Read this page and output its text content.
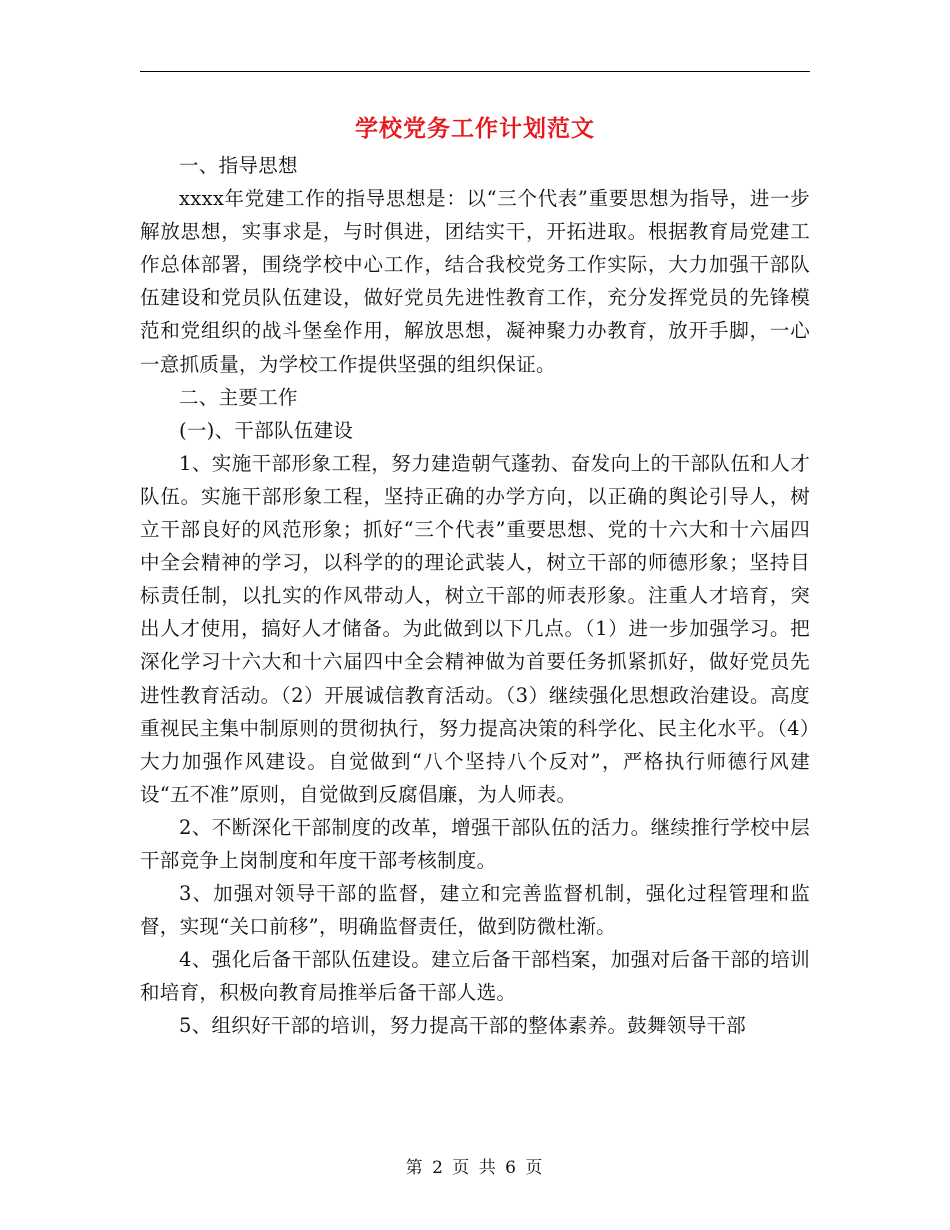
学校党务工作计划范文

一、指导思想

xxxx年党建工作的指导思想是：以“三个代表”重要思想为指导，进一步解放思想，实事求是，与时俱进，团结实干，开拓进取。根据教育局党建工作总体部署，围绕学校中心工作，结合我校党务工作实际，大力加强干部队伍建设和党员队伍建设，做好党员先进性教育工作，充分发挥党员的先锋模范和党组织的战斗堡垒作用，解放思想，凝神聚力办教育，放开手脚，一心一意抓质量，为学校工作提供坚强的组织保证。

二、主要工作

(一)、干部队伍建设

1、实施干部形象工程，努力建造朝气蓬勃、奋发向上的干部队伍和人才队伍。实施干部形象工程，坚持正确的办学方向，以正确的舆论引导人，树立干部良好的风范形象；抓好“三个代表”重要思想、党的十六大和十六届四中全会精神的学习，以科学的的理论武装人，树立干部的师德形象；坚持目标责任制，以扎实的作风带动人，树立干部的师表形象。注重人才培育，突出人才使用，搞好人才储备。为此做到以下几点。（1）进一步加强学习。把深化学习十六大和十六届四中全会精神做为首要任务抓紧抓好，做好党员先进性教育活动。（2）开展诚信教育活动。（3）继续强化思想政治建设。高度重视民主集中制原则的贯彻执行，努力提高决策的科学化、民主化水平。（4）大力加强作风建设。自觉做到“八个坚持八个反对”，严格执行师德行风建设“五不准”原则，自觉做到反腐倡廉，为人师表。

2、不断深化干部制度的改革，增强干部队伍的活力。继续推行学校中层干部竞争上岗制度和年度干部考核制度。

3、加强对领导干部的监督，建立和完善监督机制，强化过程管理和监督，实现“关口前移”，明确监督责任，做到防微杜渐。

4、强化后备干部队伍建设。建立后备干部档案，加强对后备干部的培训和培育，积极向教育局推举后备干部人选。

5、组织好干部的培训，努力提高干部的整体素养。鼓舞领导干部

第 2 页 共 6 页
